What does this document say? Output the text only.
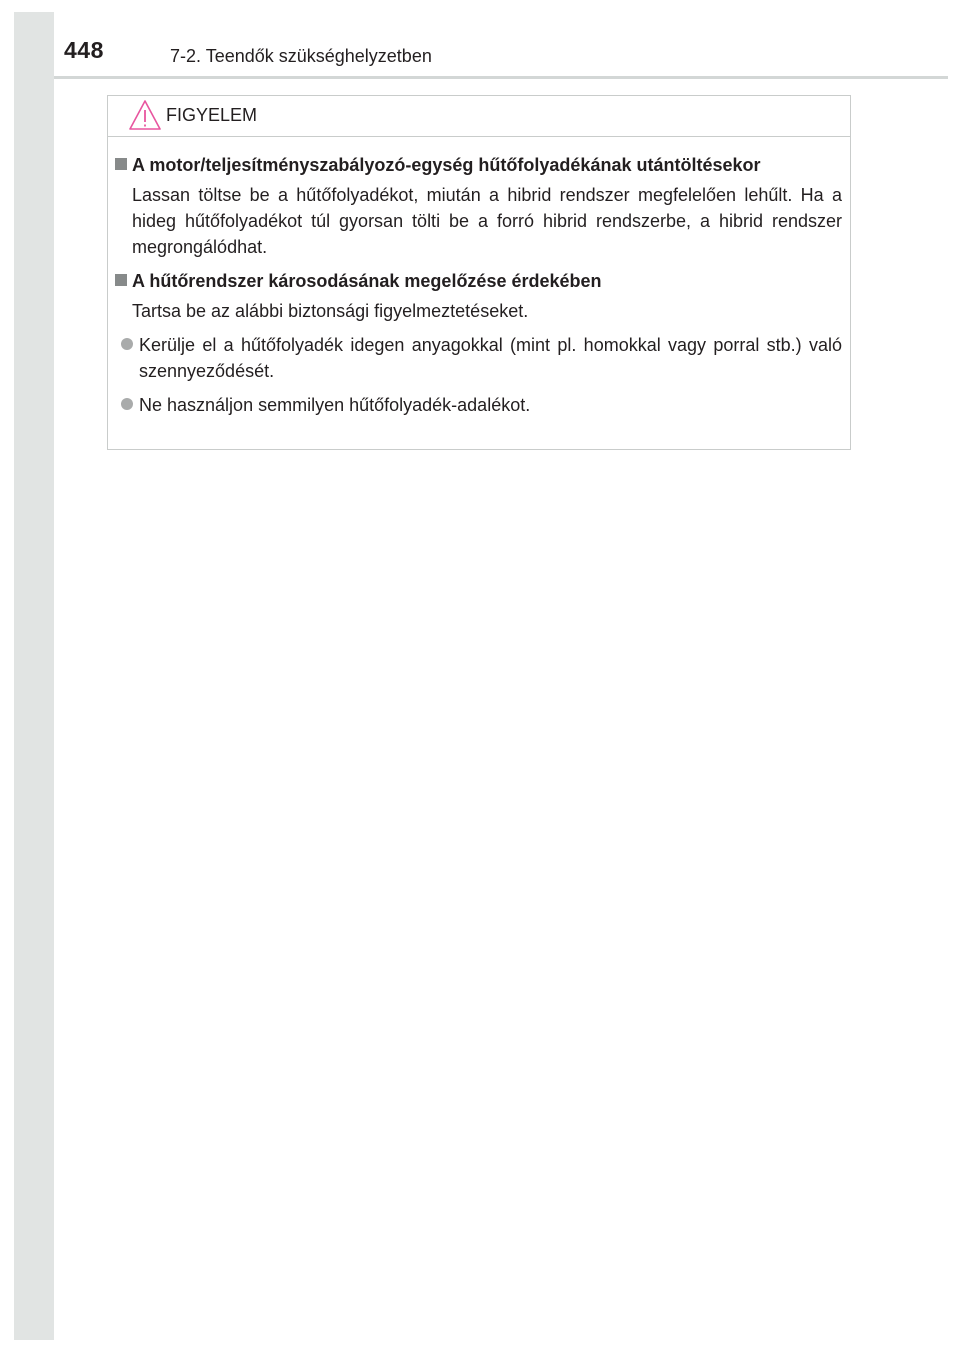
448	7-2. Teendők szükséghelyzetben
FIGYELEM
A motor/teljesítményszabályozó-egység hűtőfolyadékának utántöltésekor
Lassan töltse be a hűtőfolyadékot, miután a hibrid rendszer megfelelően lehűlt. Ha a hideg hűtőfolyadékot túl gyorsan tölti be a forró hibrid rendszerbe, a hibrid rendszer megrongálódhat.
A hűtőrendszer károsodásának megelőzése érdekében
Tartsa be az alábbi biztonsági figyelmeztetéseket.
Kerülje el a hűtőfolyadék idegen anyagokkal (mint pl. homokkal vagy porral stb.) való szennyeződését.
Ne használjon semmilyen hűtőfolyadék-adalékot.
